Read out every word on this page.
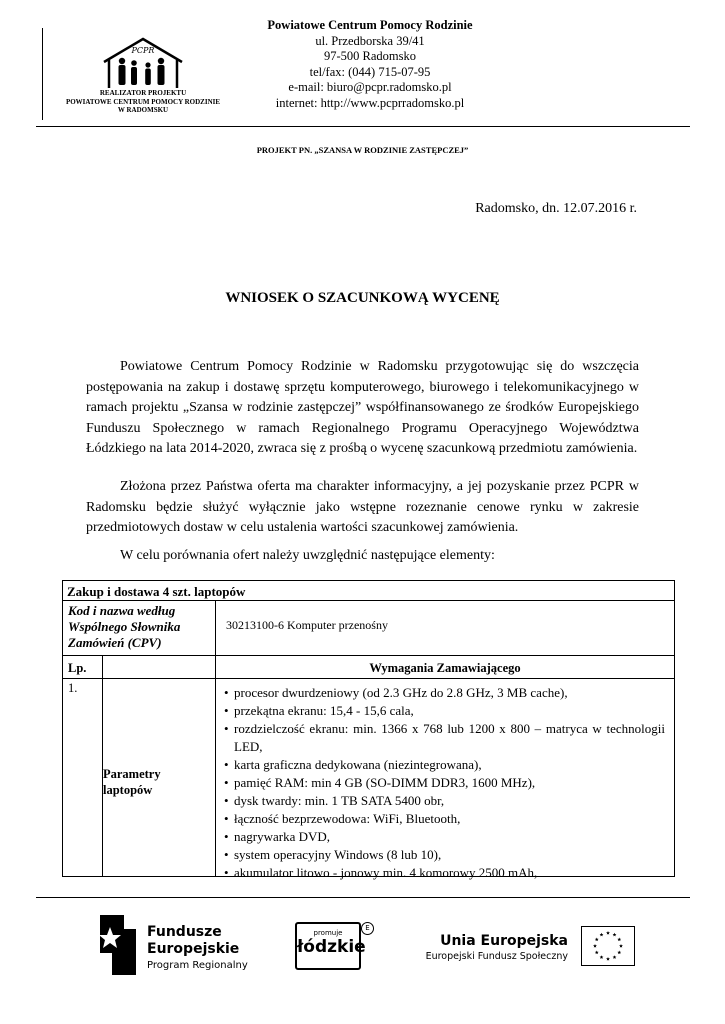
PCPR
REALIZATOR PROJEKTU
POWIATOWE CENTRUM POMOCY RODZINIE
W RADOMSKU
Powiatowe Centrum Pomocy Rodzinie
ul. Przedborska 39/41
97-500 Radomsko
tel/fax: (044) 715-07-95
e-mail: biuro@pcpr.radomsko.pl
internet: http://www.pcprradomsko.pl
PROJEKT PN. „SZANSA W RODZINIE ZASTĘPCZEJ”
Radomsko, dn. 12.07.2016 r.
WNIOSEK O SZACUNKOWĄ WYCENĘ
Powiatowe Centrum Pomocy Rodzinie w Radomsku przygotowując się do wszczęcia postępowania na zakup i dostawę sprzętu komputerowego, biurowego i telekomunikacyjnego w ramach projektu „Szansa w rodzinie zastępczej” współfinansowanego ze środków Europejskiego Funduszu Społecznego w ramach Regionalnego Programu Operacyjnego Województwa Łódzkiego na lata 2014-2020, zwraca się z prośbą o wycenę szacunkową przedmiotu zamówienia.
Złożona przez Państwa oferta ma charakter informacyjny, a jej pozyskanie przez PCPR w Radomsku będzie służyć wyłącznie jako wstępne rozeznanie cenowe rynku w zakresie przedmiotowych dostaw w celu ustalenia wartości szacunkowej zamówienia.
W celu porównania ofert należy uwzględnić następujące elementy:
Zakup i dostawa 4 szt. laptopów
Kod i nazwa według Wspólnego Słownika Zamówień (CPV)
30213100-6 Komputer przenośny
Lp.	Wymagania Zamawiającego
1.
Parametry
laptopów
• procesor dwurdzeniowy (od 2.3 GHz do 2.8 GHz, 3 MB cache),
• przekątna ekranu: 15,4 - 15,6 cala,
• rozdzielczość ekranu: min. 1366 x 768 lub 1200 x 800 – matryca w technologii LED,
• karta graficzna dedykowana (niezintegrowana),
• pamięć RAM: min 4 GB (SO-DIMM DDR3, 1600 MHz),
• dysk twardy: min. 1 TB SATA 5400 obr,
• łączność bezprzewodowa: WiFi, Bluetooth,
• nagrywarka DVD,
• system operacyjny Windows (8 lub 10),
• akumulator litowo - jonowy min. 4 komorowy 2500 mAh,
Fundusze
Europejskie
Program Regionalny
promuje
łódzkie
E
Unia Europejska
Europejski Fundusz Społeczny
